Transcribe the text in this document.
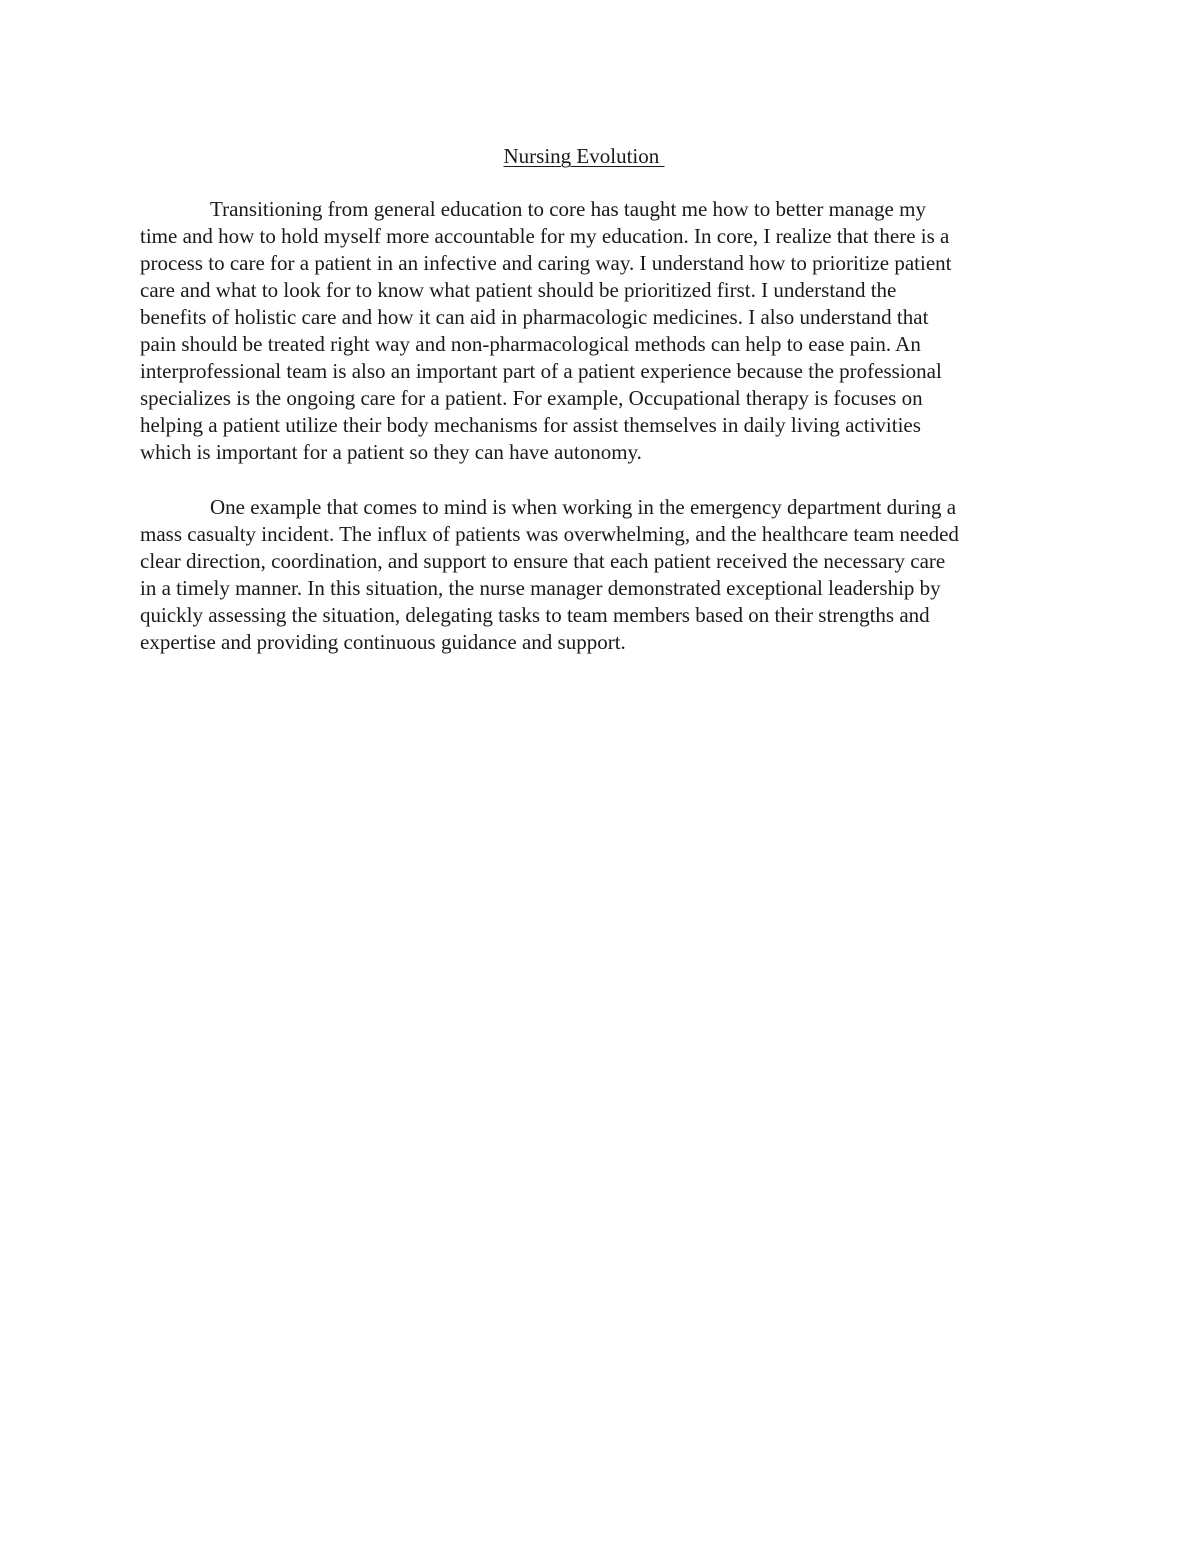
Nursing Evolution

Transitioning from general education to core has taught me how to better manage my
time and how to hold myself more accountable for my education. In core, I realize that there is a
process to care for a patient in an infective and caring way. I understand how to prioritize patient
care and what to look for to know what patient should be prioritized first. I understand the
benefits of holistic care and how it can aid in pharmacologic medicines. I also understand that
pain should be treated right way and non-pharmacological methods can help to ease pain. An
interprofessional team is also an important part of a patient experience because the professional
specializes is the ongoing care for a patient. For example, Occupational therapy is focuses on
helping a patient utilize their body mechanisms for assist themselves in daily living activities
which is important for a patient so they can have autonomy.

One example that comes to mind is when working in the emergency department during a
mass casualty incident. The influx of patients was overwhelming, and the healthcare team needed
clear direction, coordination, and support to ensure that each patient received the necessary care
in a timely manner. In this situation, the nurse manager demonstrated exceptional leadership by
quickly assessing the situation, delegating tasks to team members based on their strengths and
expertise and providing continuous guidance and support.
